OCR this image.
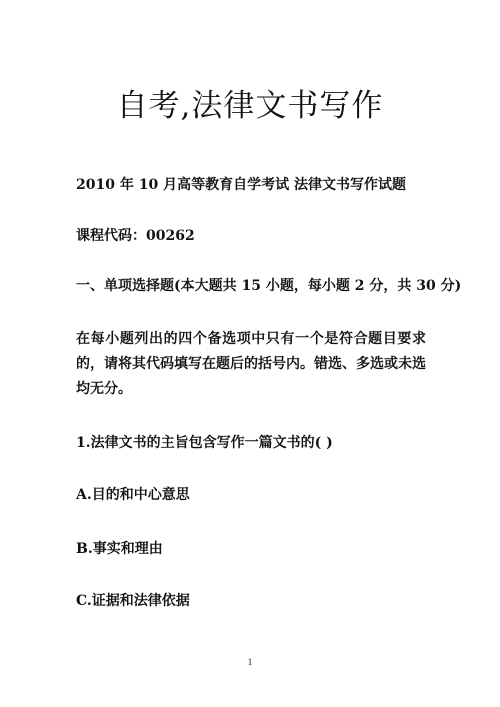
自考,法律文书写作
2010 年 10 月高等教育自学考试 法律文书写作试题
课程代码：00262
一、单项选择题(本大题共 15 小题，每小题 2 分，共 30 分)
在每小题列出的四个备选项中只有一个是符合题目要求的，请将其代码填写在题后的括号内。错选、多选或未选均无分。
1.法律文书的主旨包含写作一篇文书的( )
A.目的和中心意思
B.事实和理由
C.证据和法律依据
1
